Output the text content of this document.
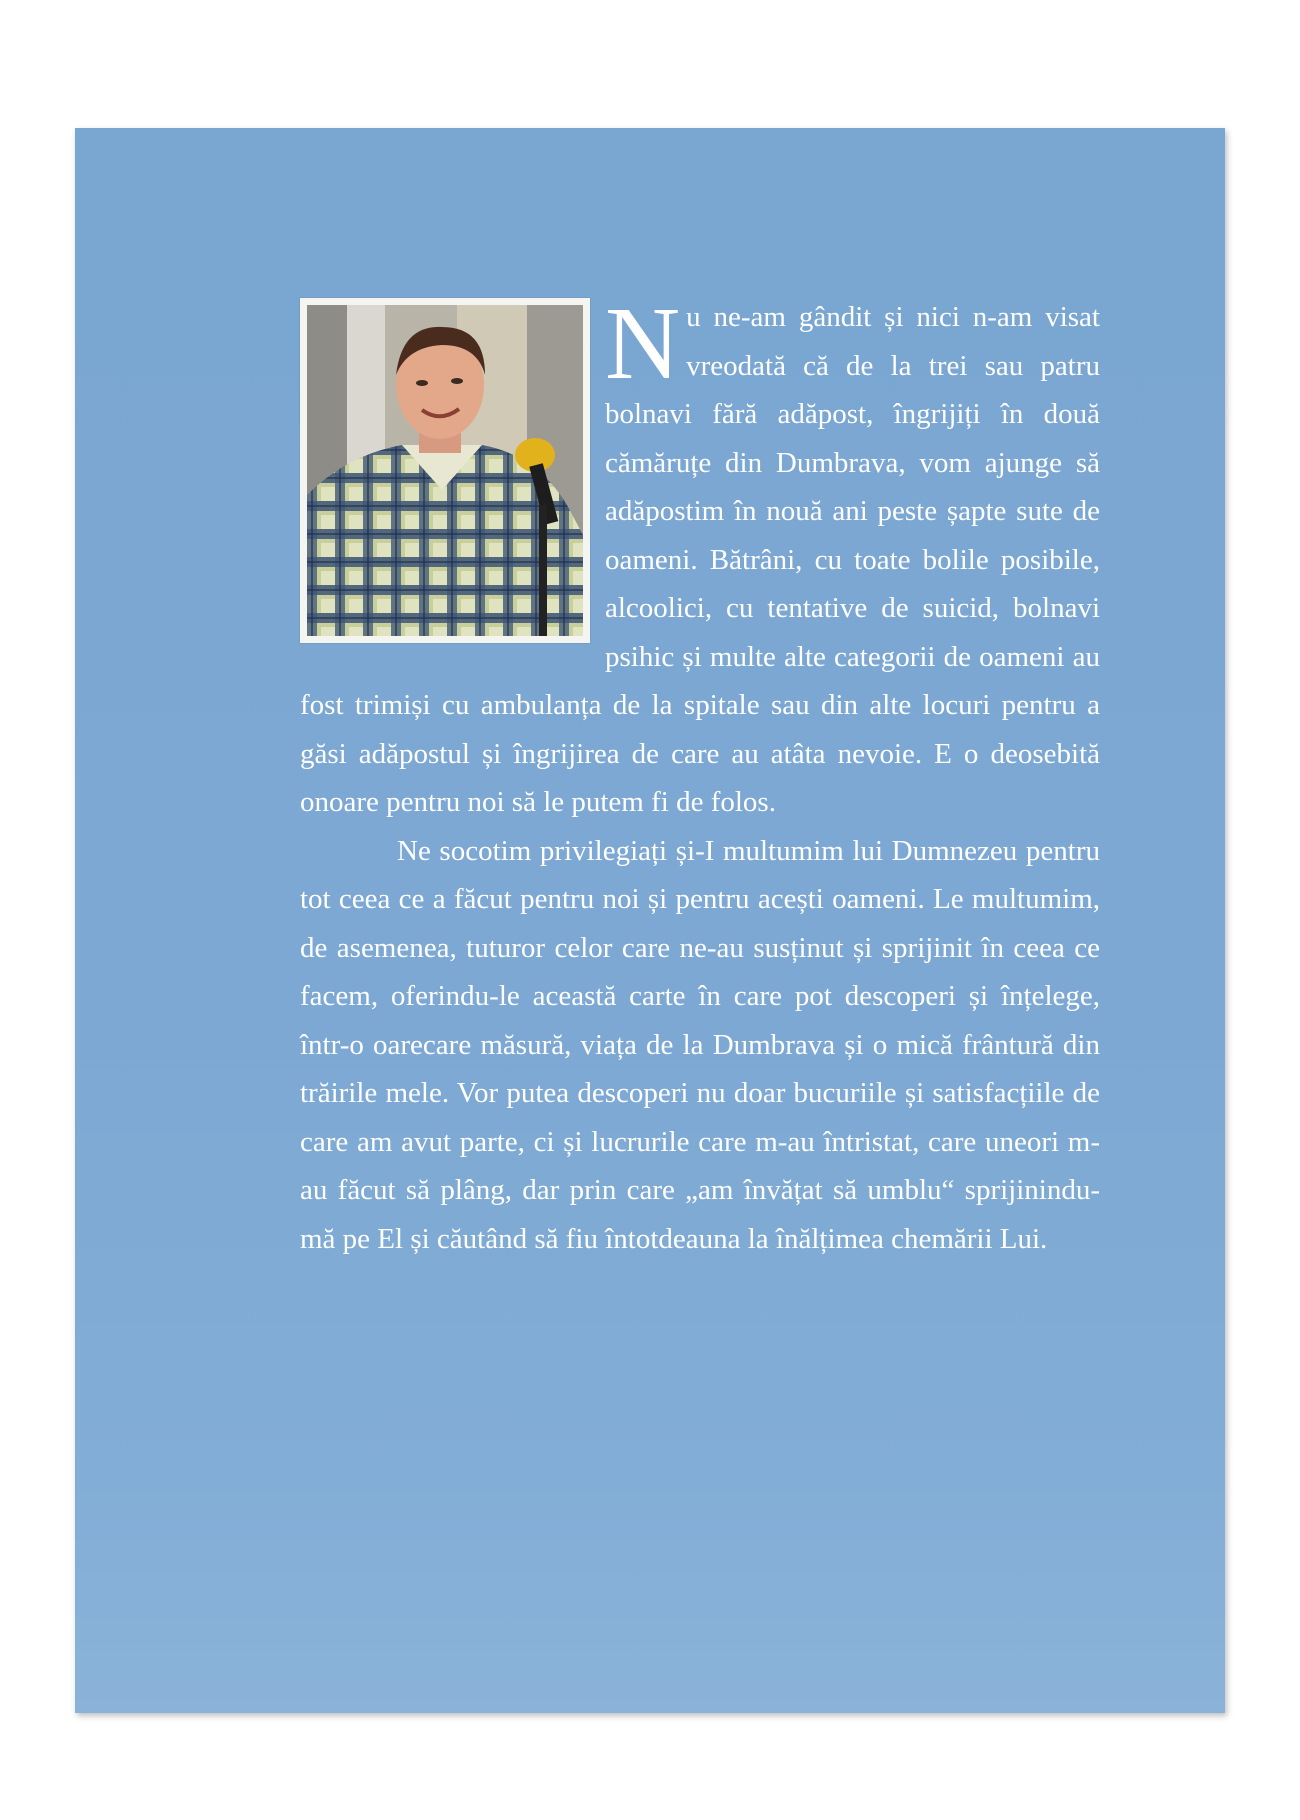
Nu ne-am gândit și nici n-am visat vreodată că de la trei sau patru bolnavi fără adăpost, îngrijiți în două cămăruțe din Dumbrava, vom ajunge să adăpostim în nouă ani peste șapte sute de oameni. Bătrâni, cu toate bolile posibile, alcoolici, cu tentative de suicid, bolnavi psihic și multe alte categorii de oameni au fost trimiși cu ambulanța de la spitale sau din alte locuri pentru a găsi adăpostul și îngrijirea de care au atâta nevoie. E o deosebită onoare pentru noi să le putem fi de folos.

Ne socotim privilegiați și-I multumim lui Dumnezeu pentru tot ceea ce a făcut pentru noi și pentru acești oameni. Le multumim, de asemenea, tuturor celor care ne-au susținut și sprijinit în ceea ce facem, oferindu-le această carte în care pot descoperi și înțelege, într-o oarecare măsură, viața de la Dumbrava și o mică frântură din trăirile mele. Vor putea descoperi nu doar bucuriile și satisfacțiile de care am avut parte, ci și lucrurile care m-au întristat, care uneori m-au făcut să plâng, dar prin care „am învățat să umblu“ sprijinindu-mă pe El și căutând să fiu întotdeauna la înălțimea chemării Lui.
